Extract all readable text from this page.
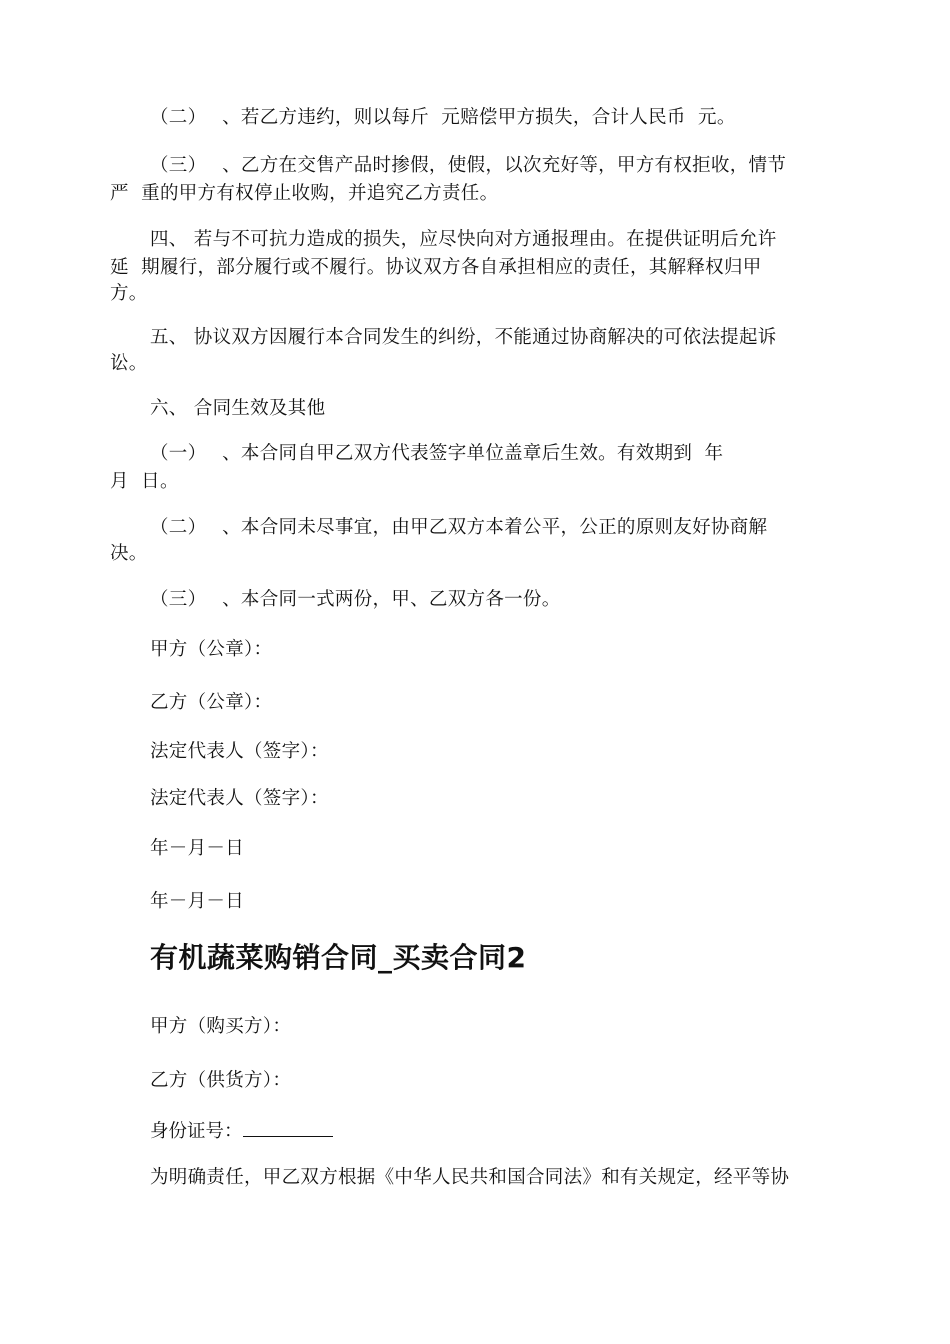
（二）　 、若乙方违约，则以每斤  元赔偿甲方损失，合计人民币  元。
（三）　 、乙方在交售产品时掺假，使假，以次充好等，甲方有权拒收，情节
严  重的甲方有权停止收购，并追究乙方责任。
四、 若与不可抗力造成的损失，应尽快向对方通报理由。在提供证明后允许
延  期履行，部分履行或不履行。协议双方各自承担相应的责任，其解释权归甲
方。
五、 协议双方因履行本合同发生的纠纷，不能通过协商解决的可依法提起诉
讼。
六、 合同生效及其他
（一）　 、本合同自甲乙双方代表签字单位盖章后生效。有效期到  年
月  日。
（二）　 、本合同未尽事宜，由甲乙双方本着公平，公正的原则友好协商解
决。
（三）　 、本合同一式两份，甲、乙双方各一份。
甲方（公章）：
乙方（公章）：
法定代表人（签字）：
法定代表人（签字）：
年－月－日
年－月－日
有机蔬菜购销合同_买卖合同2
甲方（购买方）：
乙方（供货方）：
身份证号：
为明确责任，甲乙双方根据《中华人民共和国合同法》和有关规定，经平等协
